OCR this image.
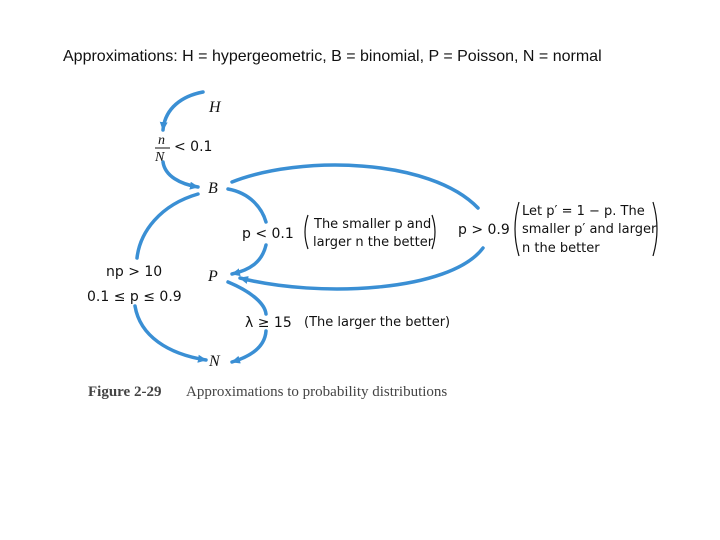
Approximations: H = hypergeometric, B = binomial, P = Poisson, N = normal
H
B
P
N
n
N
< 0.1
p < 0.1
The smaller p and
larger n the better
p > 0.9
Let p′ = 1 − p. The
smaller p′ and larger
n the better
np > 10
0.1 ≤ p ≤ 0.9
λ ≥ 15 (The larger the better)
Figure 2-29 Approximations to probability distributions
